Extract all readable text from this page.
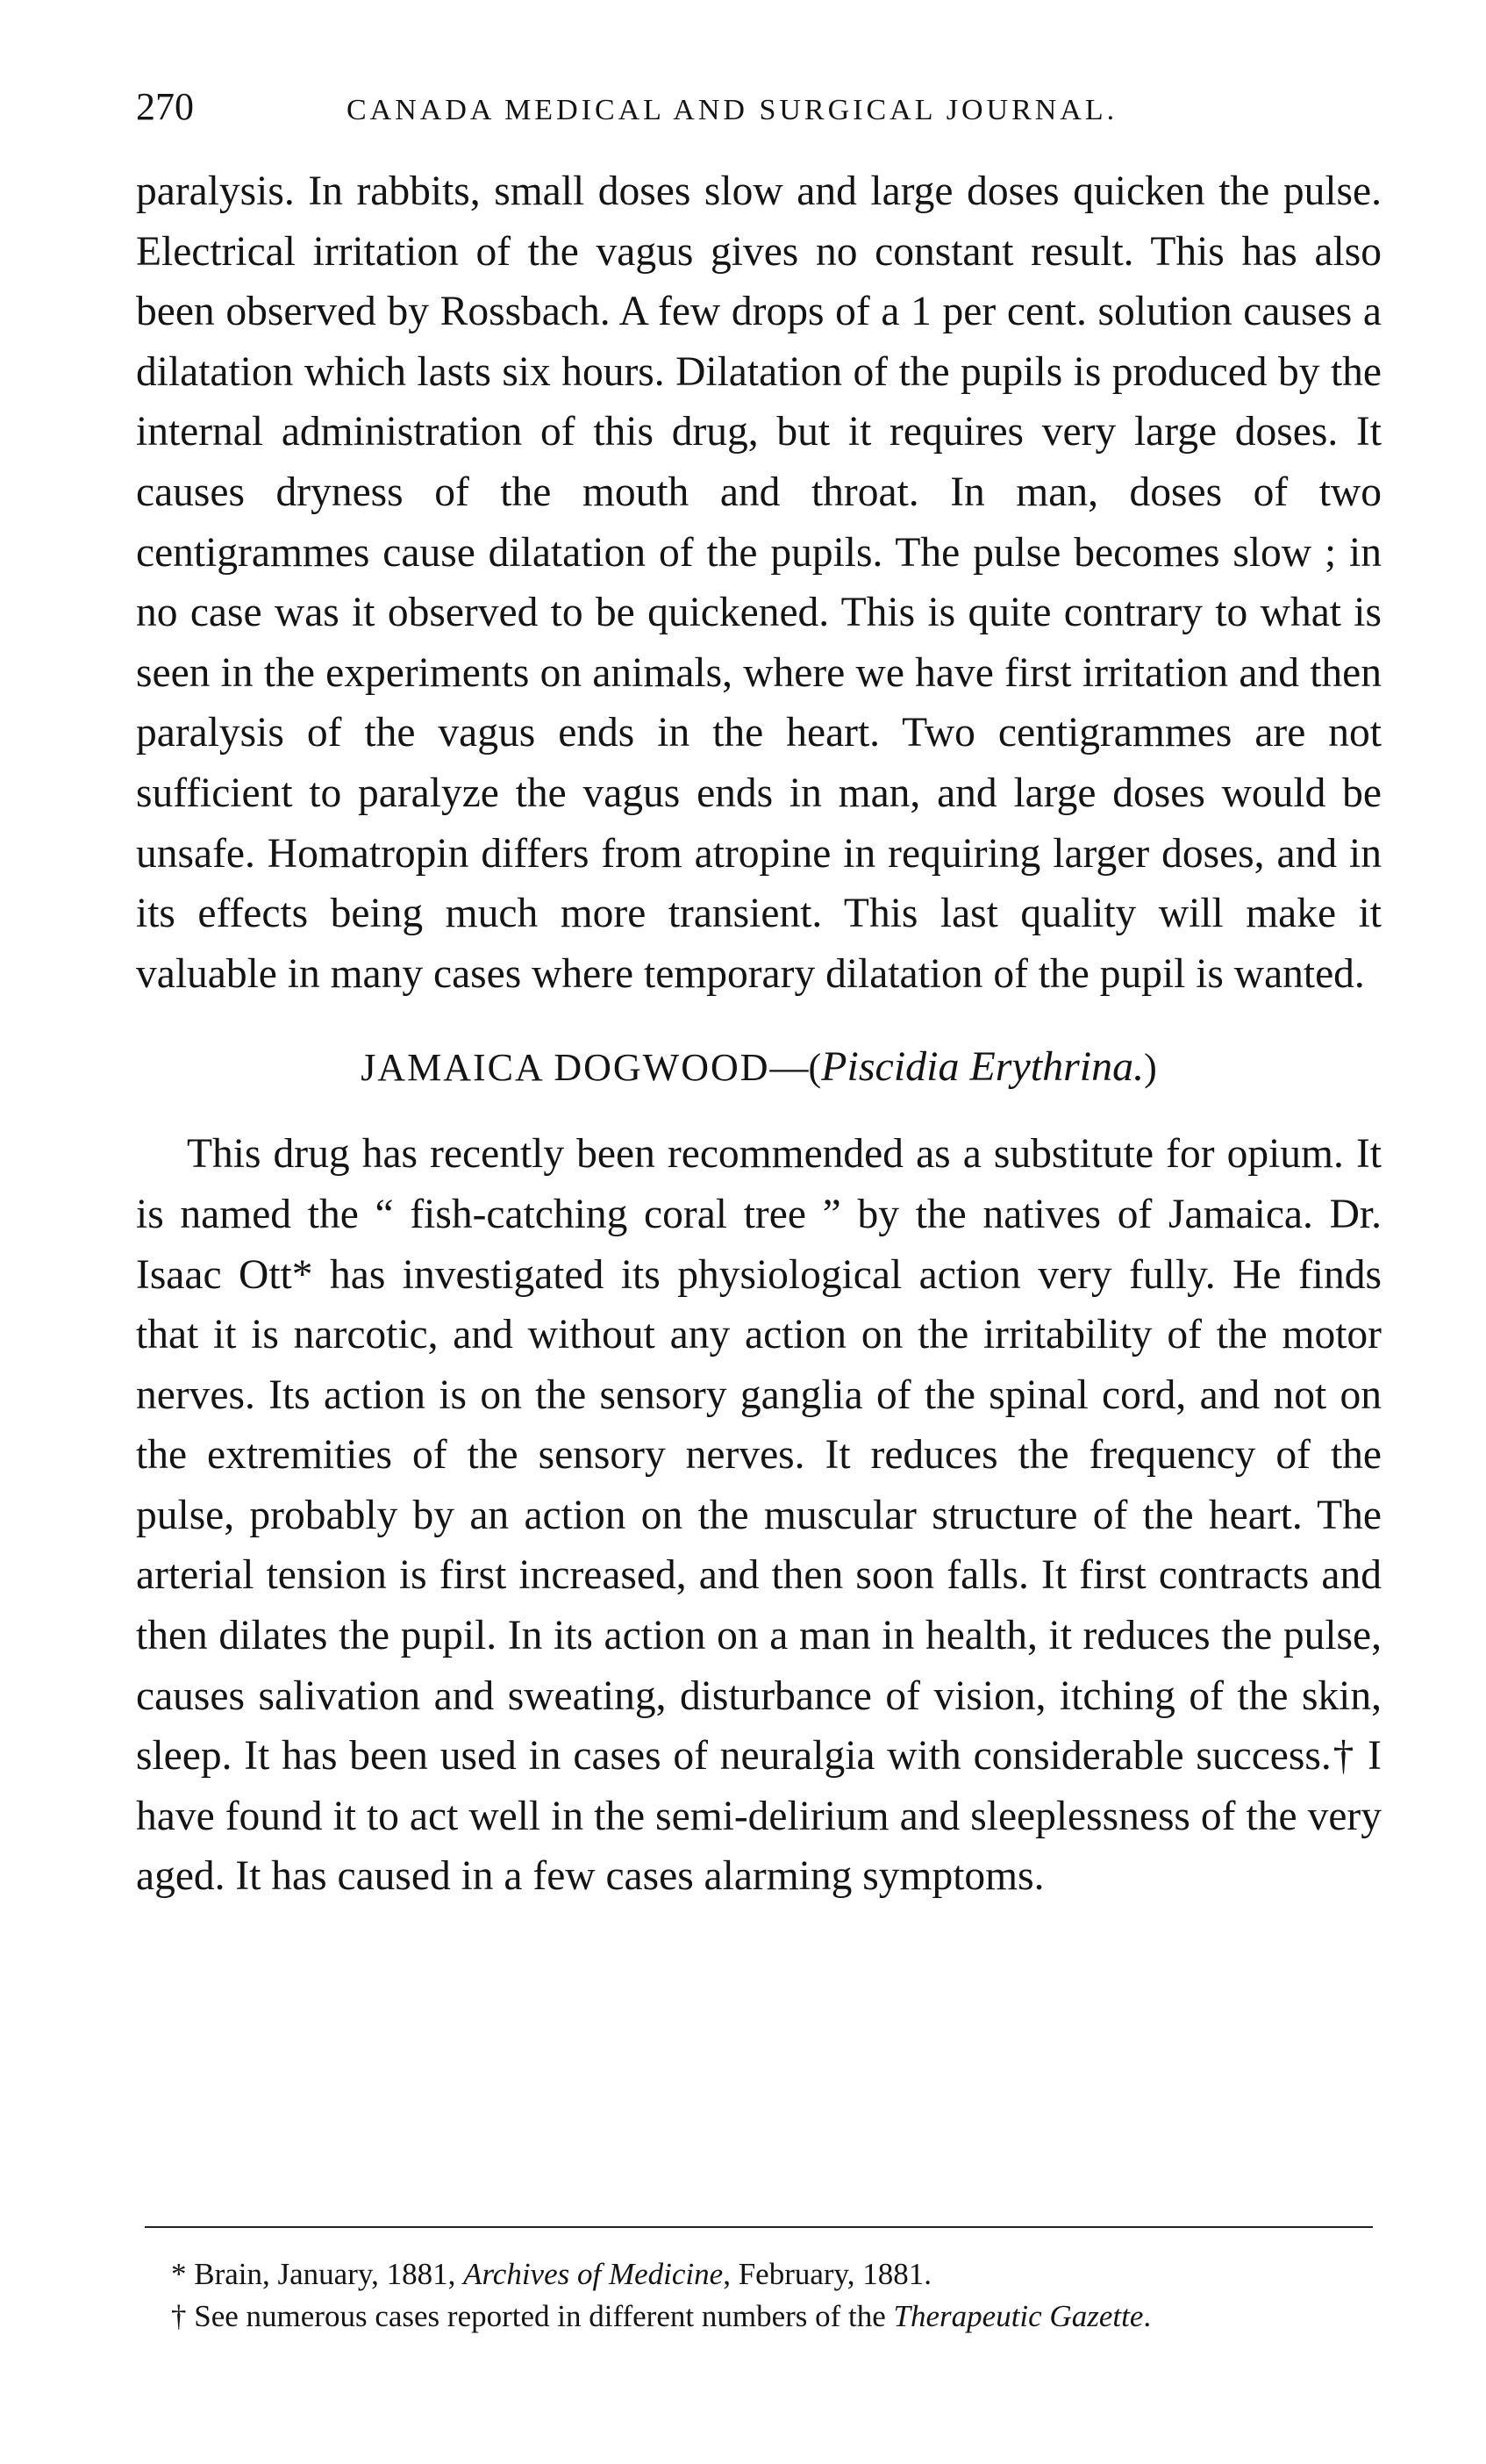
270	CANADA MEDICAL AND SURGICAL JOURNAL.

paralysis. In rabbits, small doses slow and large doses quicken the pulse. Electrical irritation of the vagus gives no constant result. This has also been observed by Rossbach. A few drops of a 1 per cent. solution causes a dilatation which lasts six hours. Dilatation of the pupils is produced by the internal administration of this drug, but it requires very large doses. It causes dryness of the mouth and throat. In man, doses of two centigrammes cause dilatation of the pupils. The pulse becomes slow ; in no case was it observed to be quickened. This is quite contrary to what is seen in the experiments on animals, where we have first irritation and then paralysis of the vagus ends in the heart. Two centigrammes are not sufficient to paralyze the vagus ends in man, and large doses would be unsafe. Homatropin differs from atropine in requiring larger doses, and in its effects being much more transient. This last quality will make it valuable in many cases where temporary dilatation of the pupil is wanted.

JAMAICA DOGWOOD—(Piscidia Erythrina.)

This drug has recently been recommended as a substitute for opium. It is named the “ fish-catching coral tree ” by the natives of Jamaica. Dr. Isaac Ott* has investigated its physiological action very fully. He finds that it is narcotic, and without any action on the irritability of the motor nerves. Its action is on the sensory ganglia of the spinal cord, and not on the extremities of the sensory nerves. It reduces the frequency of the pulse, probably by an action on the muscular structure of the heart. The arterial tension is first increased, and then soon falls. It first contracts and then dilates the pupil. In its action on a man in health, it reduces the pulse, causes salivation and sweating, disturbance of vision, itching of the skin, sleep. It has been used in cases of neuralgia with considerable success.† I have found it to act well in the semi-delirium and sleeplessness of the very aged. It has caused in a few cases alarming symptoms.

* Brain, January, 1881, Archives of Medicine, February, 1881.

† See numerous cases reported in different numbers of the Therapeutic Gazette.
